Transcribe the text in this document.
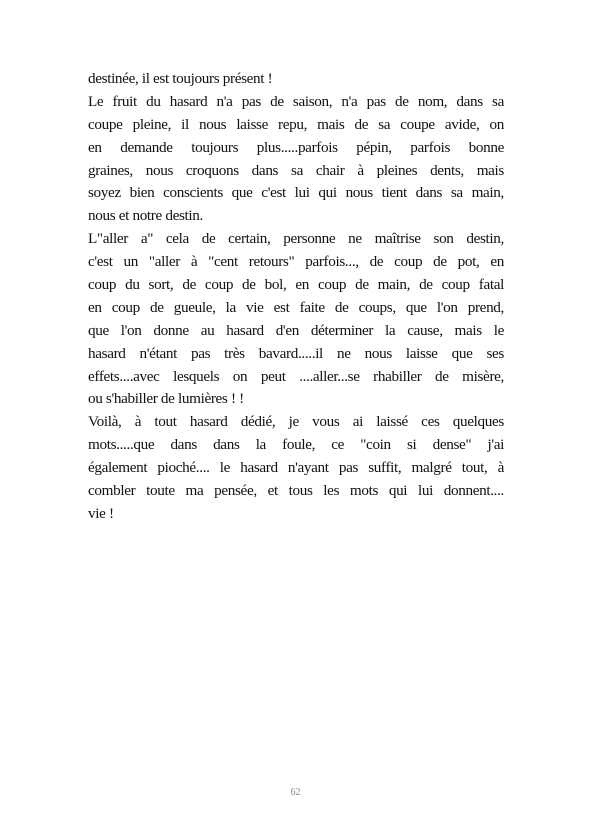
destinée, il est toujours présent !
Le fruit du hasard n'a pas de saison, n'a pas de nom, dans sa
coupe pleine, il nous laisse repu, mais de sa coupe avide, on
en demande toujours plus.....parfois pépin, parfois bonne
graines, nous croquons dans sa chair à pleines dents, mais
soyez bien conscients que c'est lui qui nous tient dans sa main,
nous et notre destin.
L"aller a" cela de certain, personne ne maîtrise son destin,
c'est un "aller à "cent retours" parfois..., de coup de pot, en
coup du sort, de coup de bol, en coup de main, de coup fatal
en coup de gueule, la vie est faite de coups, que l'on prend,
que l'on donne au hasard d'en déterminer la cause, mais le
hasard n'étant pas très bavard.....il ne nous laisse que ses
effets....avec lesquels on peut ....aller...se rhabiller de misère,
ou s'habiller de lumières ! !
Voilà, à tout hasard dédié, je vous ai laissé ces quelques
mots.....que dans dans la foule, ce "coin si dense" j'ai
également pioché.... le hasard n'ayant pas suffit, malgré tout, à
combler toute ma pensée, et tous les mots qui lui donnent....
vie !
62
